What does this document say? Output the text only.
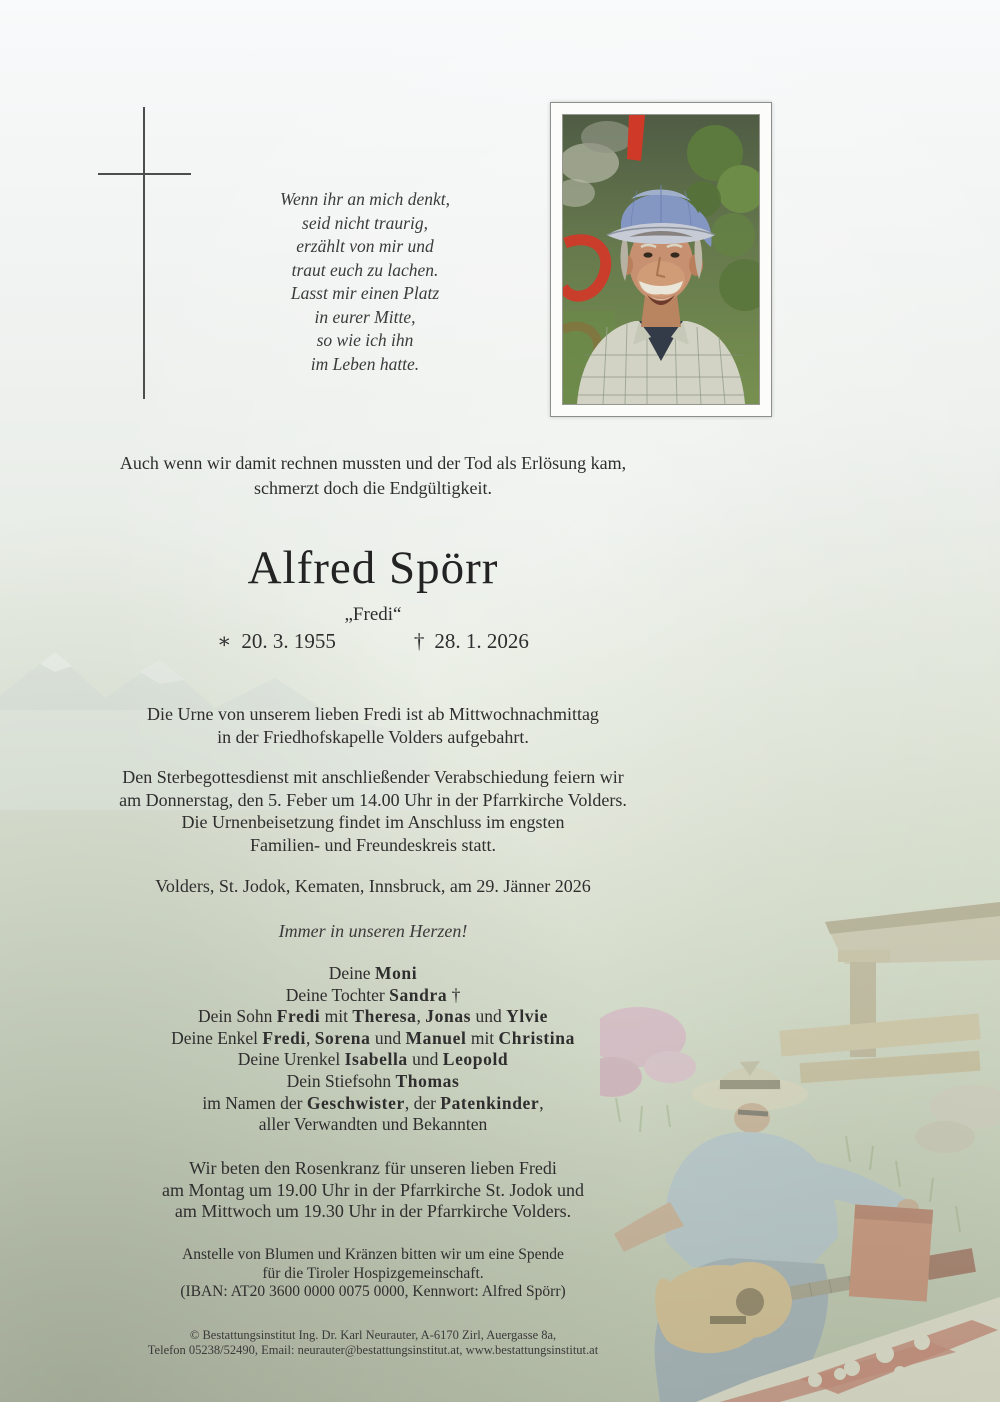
Wenn ihr an mich denkt,
seid nicht traurig,
erzählt von mir und
traut euch zu lachen.
Lasst mir einen Platz
in eurer Mitte,
so wie ich ihn
im Leben hatte.
Auch wenn wir damit rechnen mussten und der Tod als Erlösung kam,
schmerzt doch die Endgültigkeit.
Alfred Spörr
„Fredi“
∗ 20. 3. 1955	† 28. 1. 2026
Die Urne von unserem lieben Fredi ist ab Mittwochnachmittag
in der Friedhofskapelle Volders aufgebahrt.
Den Sterbegottesdienst mit anschließender Verabschiedung feiern wir
am Donnerstag, den 5. Feber um 14.00 Uhr in der Pfarrkirche Volders.
Die Urnenbeisetzung findet im Anschluss im engsten
Familien- und Freundeskreis statt.
Volders, St. Jodok, Kematen, Innsbruck, am 29. Jänner 2026
Immer in unseren Herzen!
Deine Moni
Deine Tochter Sandra †
Dein Sohn Fredi mit Theresa, Jonas und Ylvie
Deine Enkel Fredi, Sorena und Manuel mit Christina
Deine Urenkel Isabella und Leopold
Dein Stiefsohn Thomas
im Namen der Geschwister, der Patenkinder,
aller Verwandten und Bekannten
Wir beten den Rosenkranz für unseren lieben Fredi
am Montag um 19.00 Uhr in der Pfarrkirche St. Jodok und
am Mittwoch um 19.30 Uhr in der Pfarrkirche Volders.
Anstelle von Blumen und Kränzen bitten wir um eine Spende
für die Tiroler Hospizgemeinschaft.
(IBAN: AT20 3600 0000 0075 0000, Kennwort: Alfred Spörr)
© Bestattungsinstitut Ing. Dr. Karl Neurauter, A-6170 Zirl, Auergasse 8a,
Telefon 05238/52490, Email: neurauter@bestattungsinstitut.at, www.bestattungsinstitut.at
